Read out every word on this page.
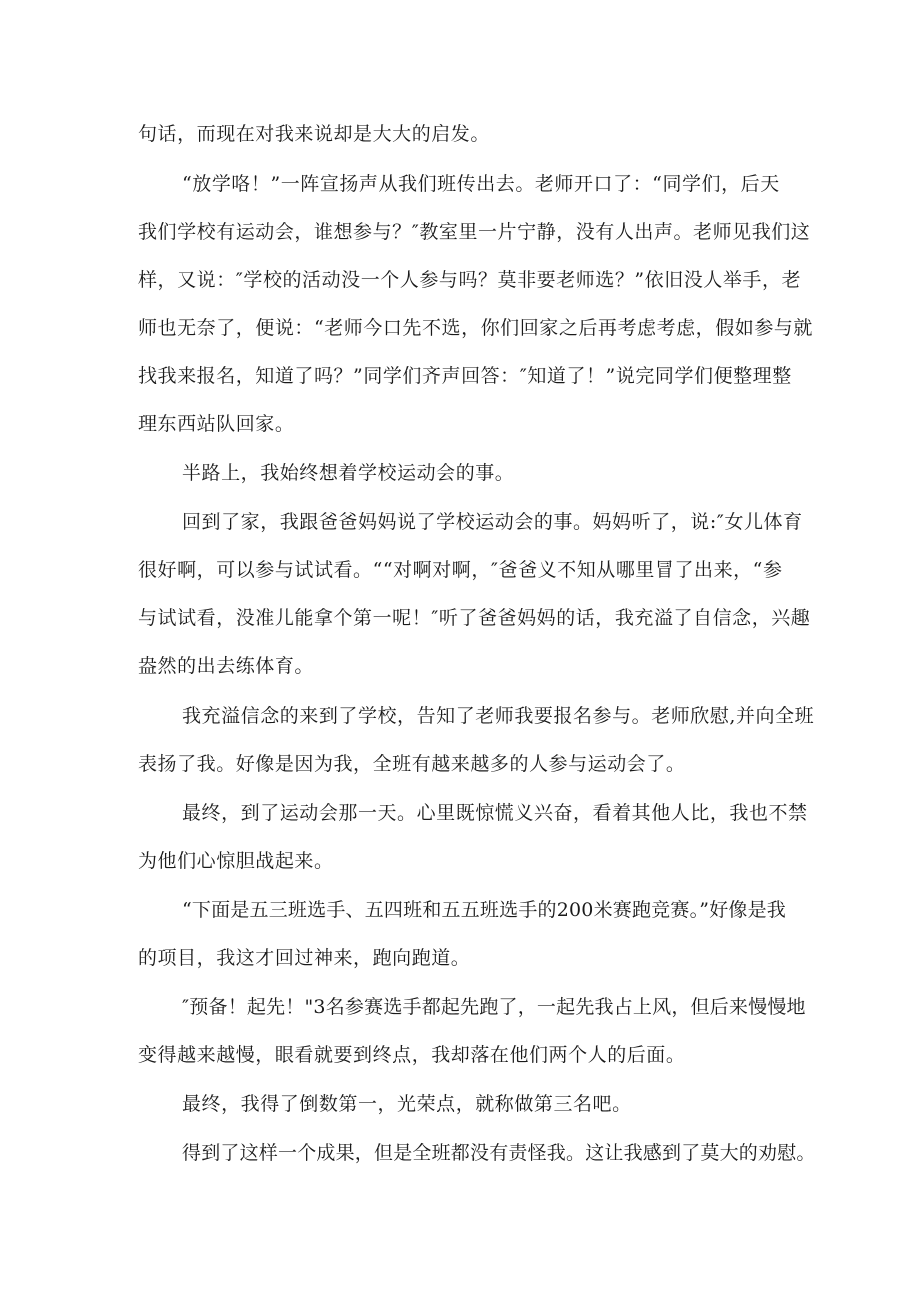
句话，而现在对我来说却是大大的启发。
“放学咯！”一阵宣扬声从我们班传出去。老师开口了：“同学们，后天
我们学校有运动会，谁想参与？″教室里一片宁静，没有人出声。老师见我们这
样，又说：″学校的活动没一个人参与吗？莫非要老师选？”依旧没人举手，老
师也无奈了，便说：“老师今口先不选，你们回家之后再考虑考虑，假如参与就
找我来报名，知道了吗？”同学们齐声回答：″知道了！”说完同学们便整理整
理东西站队回家。
半路上，我始终想着学校运动会的事。
回到了家，我跟爸爸妈妈说了学校运动会的事。妈妈听了，说:″女儿体育
很好啊，可以参与试试看。““对啊对啊，″爸爸义不知从哪里冒了出来，“参
与试试看，没准儿能拿个第一呢！″听了爸爸妈妈的话，我充溢了自信念，兴趣
盎然的出去练体育。
我充溢信念的来到了学校，告知了老师我要报名参与。老师欣慰,并向全班
表扬了我。好像是因为我，全班有越来越多的人参与运动会了。
最终，到了运动会那一天。心里既惊慌义兴奋，看着其他人比，我也不禁
为他们心惊胆战起来。
“下面是五三班选手、五四班和五五班选手的200米赛跑竞赛。”好像是我
的项目，我这才回过神来，跑向跑道。
″预备！起先！"3名参赛选手都起先跑了，一起先我占上风，但后来慢慢地
变得越来越慢，眼看就要到终点，我却落在他们两个人的后面。
最终，我得了倒数第一，光荣点，就称做第三名吧。
得到了这样一个成果，但是全班都没有责怪我。这让我感到了莫大的劝慰。
